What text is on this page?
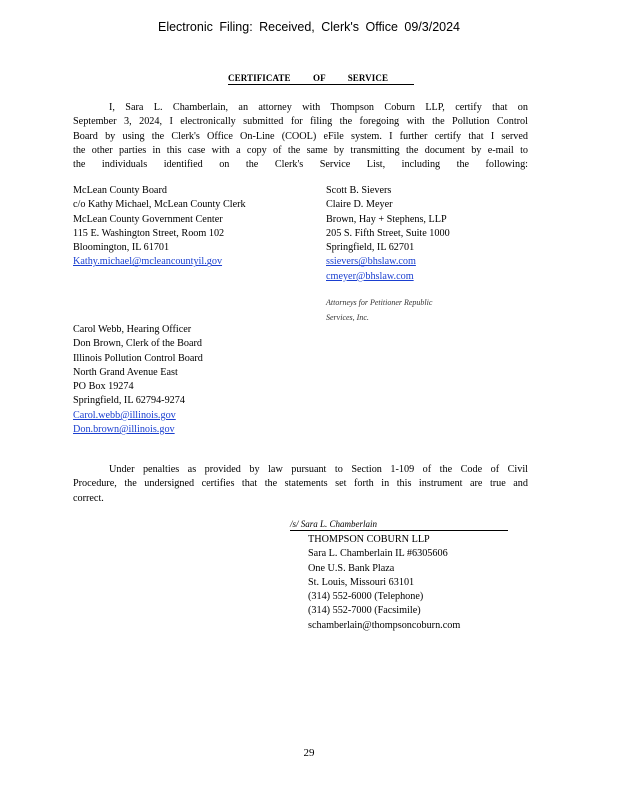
Electronic Filing: Received, Clerk's Office 09/3/2024
CERTIFICATE OF SERVICE
I, Sara L. Chamberlain, an attorney with Thompson Coburn LLP, certify that on
September 3, 2024, I electronically submitted for filing the foregoing with the Pollution Control
Board by using the Clerk's Office On-Line (COOL) eFile system. I further certify that I served
the other parties in this case with a copy of the same by transmitting the document by e-mail to
the individuals identified on the Clerk's Service List, including the following:
McLean County Board
c/o Kathy Michael, McLean County Clerk
McLean County Government Center
115 E. Washington Street, Room 102
Bloomington, IL 61701
Kathy.michael@mcleancountyil.gov
Scott B. Sievers
Claire D. Meyer
Brown, Hay + Stephens, LLP
205 S. Fifth Street, Suite 1000
Springfield, IL 62701
ssievers@bhslaw.com
cmeyer@bhslaw.com
Attorneys for Petitioner Republic
Services, Inc.
Carol Webb, Hearing Officer
Don Brown, Clerk of the Board
Illinois Pollution Control Board
North Grand Avenue East
PO Box 19274
Springfield, IL 62794-9274
Carol.webb@illinois.gov
Don.brown@illinois.gov
Under penalties as provided by law pursuant to Section 1-109 of the Code of Civil
Procedure, the undersigned certifies that the statements set forth in this instrument are true and
correct.
/s/ Sara L. Chamberlain
THOMPSON COBURN LLP
Sara L. Chamberlain IL #6305606
One U.S. Bank Plaza
St. Louis, Missouri 63101
(314) 552-6000 (Telephone)
(314) 552-7000 (Facsimile)
schamberlain@thompsoncoburn.com
29
